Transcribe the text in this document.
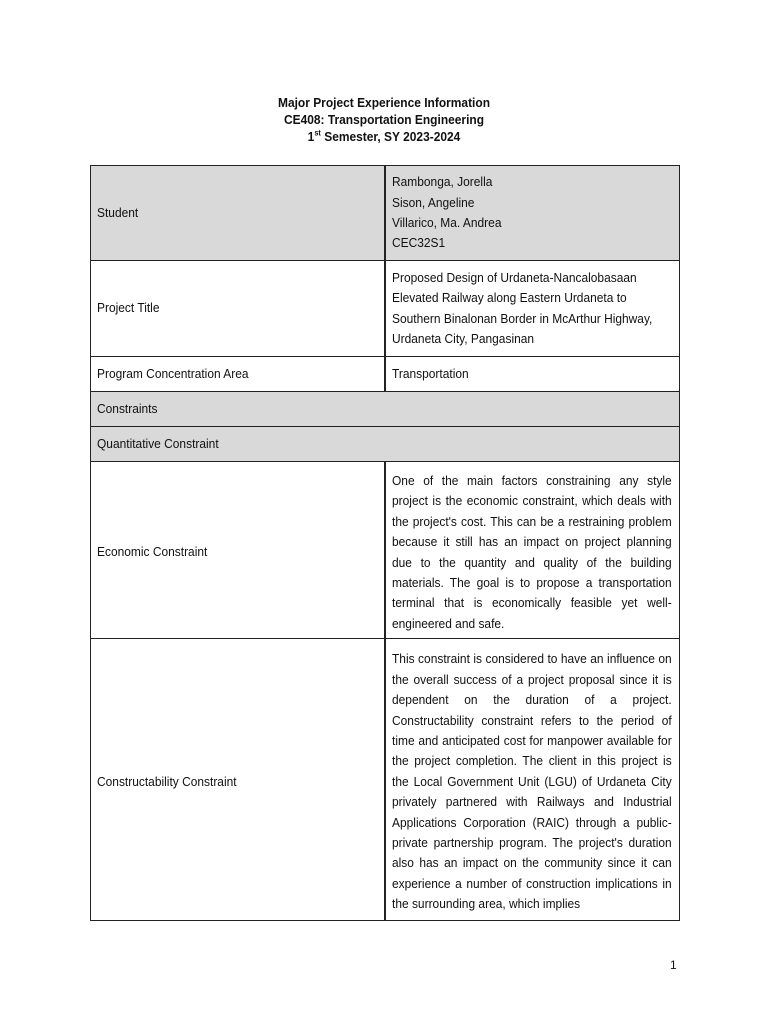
Major Project Experience Information
CE408: Transportation Engineering
1st Semester, SY 2023-2024
Student	Rambonga, Jorella
Sison, Angeline
Villarico, Ma. Andrea
CEC32S1

Project Title	Proposed Design of Urdaneta-Nancalobasaan Elevated Railway along Eastern Urdaneta to Southern Binalonan Border in McArthur Highway, Urdaneta City, Pangasinan

Program Concentration Area	Transportation

Constraints	

Quantitative Constraint	

Economic Constraint	One of the main factors constraining any style project is the economic constraint, which deals with the project's cost. This can be a restraining problem because it still has an impact on project planning due to the quantity and quality of the building materials. The goal is to propose a transportation terminal that is economically feasible yet well-engineered and safe.

Constructability Constraint	This constraint is considered to have an influence on the overall success of a project proposal since it is dependent on the duration of a project. Constructability constraint refers to the period of time and anticipated cost for manpower available for the project completion. The client in this project is the Local Government Unit (LGU) of Urdaneta City privately partnered with Railways and Industrial Applications Corporation (RAIC) through a public-private partnership program. The project's duration also has an impact on the community since it can experience a number of construction implications in the surrounding area, which implies
1
